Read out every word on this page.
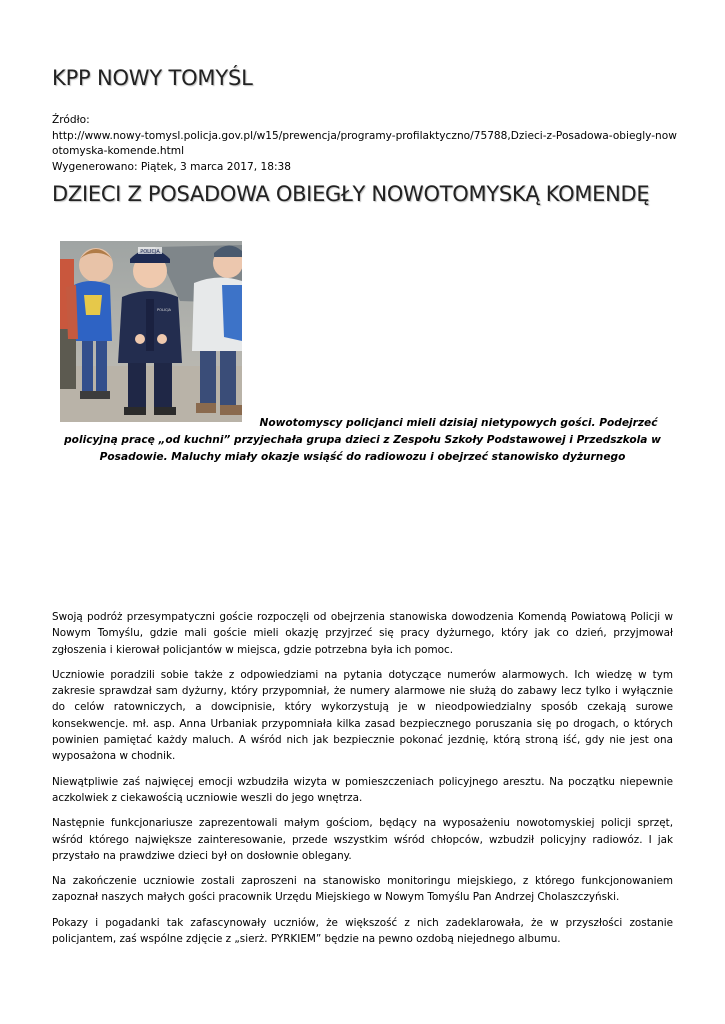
KPP NOWY TOMYŚL
Źródło:
http://www.nowy-tomysl.policja.gov.pl/w15/prewencja/programy-profilaktyczno/75788,Dzieci-z-Posadowa-obiegly-nowotomyska-komende.html
Wygenerowano: Piątek, 3 marca 2017, 18:38
DZIECI Z POSADOWA OBIEGŁY NOWOTOMYSKĄ KOMENDĘ
POLICJA
POLICJA
Nowotomyscy policjanci mieli dzisiaj nietypowych gości. Podejrzeć policyjną pracę „od kuchni” przyjechała grupa dzieci z Zespołu Szkoły Podstawowej i Przedszkola w Posadowie. Maluchy miały okazje wsiąść do radiowozu i obejrzeć stanowisko dyżurnego

Swoją podróż przesympatyczni goście rozpoczęli od obejrzenia stanowiska dowodzenia Komendą Powiatową Policji w Nowym Tomyślu, gdzie mali goście mieli okazję przyjrzeć się pracy dyżurnego, który jak co dzień, przyjmował zgłoszenia i kierował policjantów w miejsca, gdzie potrzebna była ich pomoc.

Uczniowie poradzili sobie także z odpowiedziami na pytania dotyczące numerów alarmowych. Ich wiedzę w tym zakresie sprawdzał sam dyżurny, który przypomniał, że numery alarmowe nie służą do zabawy lecz tylko i wyłącznie do celów ratowniczych, a dowcipnisie, który wykorzystują je w nieodpowiedzialny sposób czekają surowe konsekwencje. mł. asp. Anna Urbaniak przypomniała kilka zasad bezpiecznego poruszania się po drogach, o których powinien pamiętać każdy maluch. A wśród nich jak bezpiecznie pokonać jezdnię, którą stroną iść, gdy nie jest ona wyposażona w chodnik.

Niewątpliwie zaś najwięcej emocji wzbudziła wizyta w pomieszczeniach policyjnego aresztu. Na początku niepewnie aczkolwiek z ciekawością uczniowie weszli do jego wnętrza.

Następnie funkcjonariusze zaprezentowali małym gościom, będący na wyposażeniu nowotomyskiej policji sprzęt, wśród którego największe zainteresowanie, przede wszystkim wśród chłopców, wzbudził policyjny radiowóz. I jak przystało na prawdziwe dzieci był on dosłownie oblegany.

Na zakończenie uczniowie zostali zaproszeni na stanowisko monitoringu miejskiego, z którego funkcjonowaniem zapoznał naszych małych gości pracownik Urzędu Miejskiego w Nowym Tomyślu Pan Andrzej Cholaszczyński.

Pokazy i pogadanki tak zafascynowały uczniów, że większość z nich zadeklarowała, że w przyszłości zostanie policjantem, zaś wspólne zdjęcie z „sierż. PYRKIEM” będzie na pewno ozdobą niejednego albumu.
